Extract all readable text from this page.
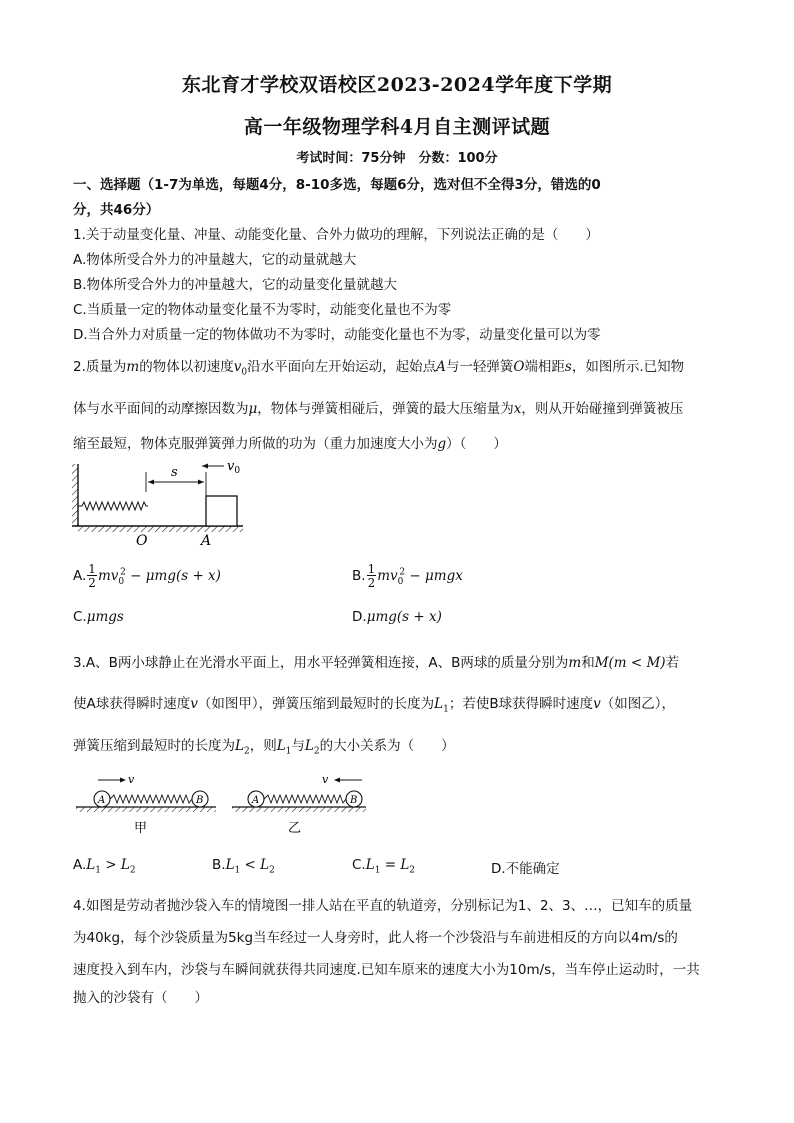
东北育才学校双语校区2023-2024学年度下学期
高一年级物理学科4月自主测评试题
考试时间：75分钟　分数：100分
一、选择题（1-7为单选，每题4分，8-10多选，每题6分，选对但不全得3分，错选的0
分，共46分）
1.关于动量变化量、冲量、动能变化量、合外力做功的理解，下列说法正确的是（　　）
A.物体所受合外力的冲量越大，它的动量就越大
B.物体所受合外力的冲量越大，它的动量变化量就越大
C.当质量一定的物体动量变化量不为零时，动能变化量也不为零
D.当合外力对质量一定的物体做功不为零时，动能变化量也不为零，动量变化量可以为零
2.质量为m的物体以初速度$v_0$沿水平面向左开始运动，起始点A与一轻弹簧O端相距s，如图所示.已知物
体与水平面间的动摩擦因数为μ，物体与弹簧相碰后，弹簧的最大压缩量为x，则从开始碰撞到弹簧被压
缩至最短，物体克服弹簧弹力所做的功为（重力加速度大小为g）（　　）
s	$v_0$
O	A
A. $\frac{1}{2} mv_0^2 - \mu mg(s + x)$	B. $\frac{1}{2} mv_0^2 - \mu mgx$
C.μmgs	D.μmg(s + x)
3.A、B两小球静止在光滑水平面上，用水平轻弹簧相连接，A、B两球的质量分别为m和M(m < M)若
使A球获得瞬时速度v（如图甲），弹簧压缩到最短时的长度为$L_1$；若使B球获得瞬时速度v（如图乙），
弹簧压缩到最短时的长度为$L_2$，则$L_1$与$L_2$的大小关系为（　　）
A	B
v
甲
A	B
v
乙
$A.L_1 > L_2$	$B.L_1 < L_2$	$C.L_1 = L_2$	D.不能确定
4.如图是劳动者抛沙袋入车的情境图一排人站在平直的轨道旁，分别标记为1、2、3、…，已知车的质量
为40kg，每个沙袋质量为5kg当车经过一人身旁时，此人将一个沙袋沿与车前进相反的方向以4m/s的
速度投入到车内，沙袋与车瞬间就获得共同速度.已知车原来的速度大小为10m/s，当车停止运动时，一共
抛入的沙袋有（　　）
